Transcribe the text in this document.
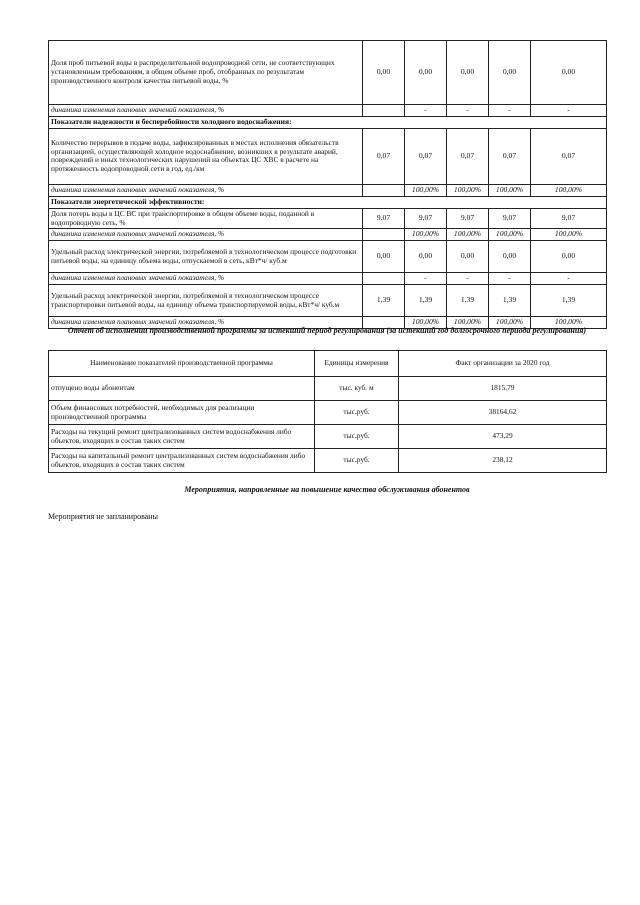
Доля проб питьевой воды в распределительной водопроводной сети, не соответствующих установленным требованиям, в общем объеме проб, отобранных по результатам производственного контроля качества питьевой воды, %	0,00	0,00	0,00	0,00	0,00
динамика изменения плановых значений показателя, %		-	-	-	-
Показатели надежности и бесперебойности холодного водоснабжения:					
Количество перерывов в подаче воды, зафиксированных в местах исполнения обязательств организацией, осуществляющей холодное водоснабжение, возникших в результате аварий, повреждений и иных технологических нарушений на объектах ЦС ХВС в расчете на протяженность водопроводной сети в год, ед./км	0,07	0,07	0,07	0,07	0,07
динамика изменения плановых значений показателя, %		100,00%	100,00%	100,00%	100,00%
Показатели энергетической эффективности:					
Доля потерь воды в ЦС ВС при транспортировке в общем объеме воды, поданной в водопроводную сеть, %	9,07	9,07	9,07	9,07	9,07
динамика изменения плановых значений показателя, %		100,00%	100,00%	100,00%	100,00%
Удельный расход электрической энергии, потребляемой в технологическом процессе подготовки питьевой воды, на единицу объема воды, отпускаемой в сеть, кВт*ч/ куб.м	0,00	0,00	0,00	0,00	0,00
динамика изменения плановых значений показателя, %		-	-	-	-
Удельный расход электрической энергии, потребляемой в технологическом процессе транспортировки питьевой воды, на единицу объема транспортируемой воды, кВт*ч/ куб.м	1,39	1,39	1,39	1,39	1,39
динамика изменения плановых значений показателя, %		100,00%	100,00%	100,00%	100,00%
Отчет об исполнении производственной программы за истекший период регулирования (за истекший год долгосрочного периода регулирования)
Наименование показателей производственной программы	Единицы измерения	Факт организации за 2020 год
отпущено воды абонентам	тыс. куб. м	1815,79
Объем финансовых потребностей, необходимых для реализации производственной программы	тыс.руб.	38164,62
Расходы на текущий ремонт централизованных систем водоснабжения либо объектов, входящих в состав таких систем	тыс.руб.	473,29
Расходы на капитальный ремонт централизованных систем водоснабжения либо объектов, входящих в состав таких систем	тыс.руб.	238,12
Мероприятия, направленные на повышение качества обслуживания абонентов
Мероприятия не запланированы
